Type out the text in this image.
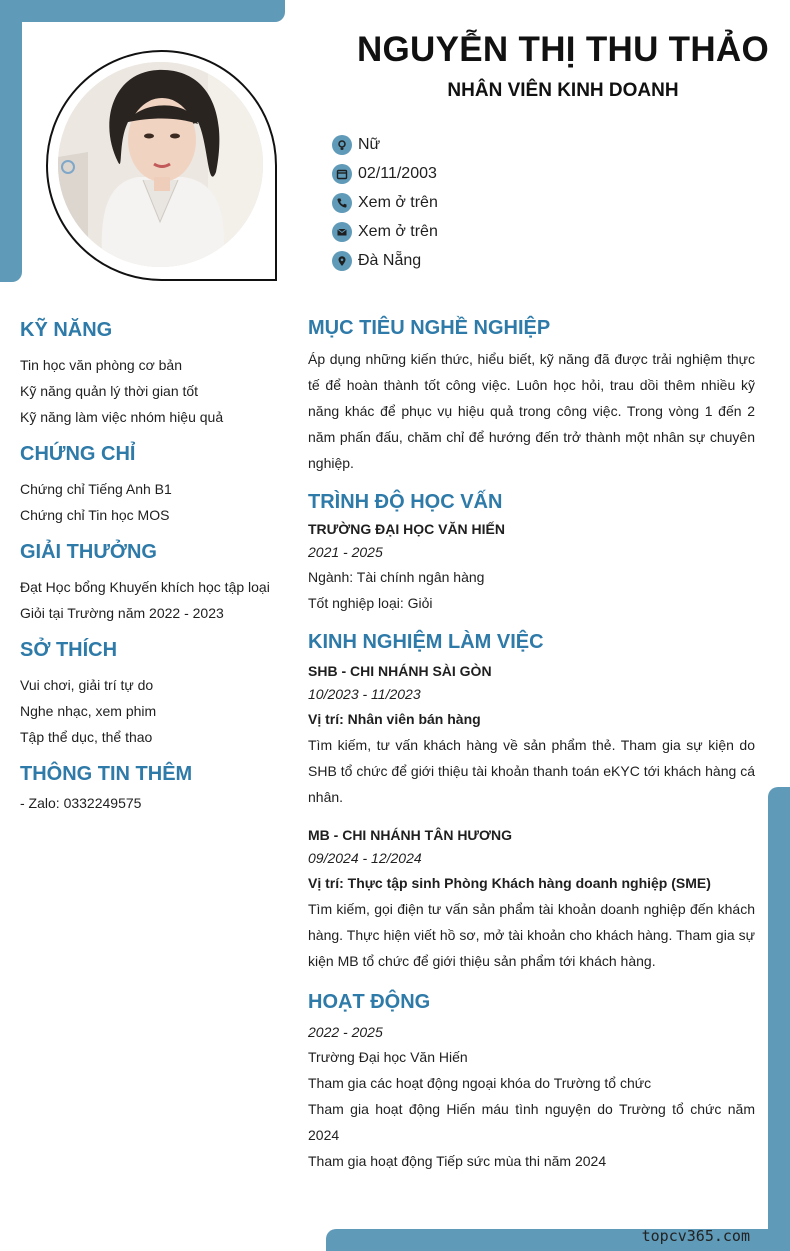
NGUYỄN THỊ THU THẢO
NHÂN VIÊN KINH DOANH
Nữ
02/11/2003
Xem ở trên
Xem ở trên
Đà Nẵng
KỸ NĂNG
Tin học văn phòng cơ bản
Kỹ năng quản lý thời gian tốt
Kỹ năng làm việc nhóm hiệu quả
CHỨNG CHỈ
Chứng chỉ Tiếng Anh B1
Chứng chỉ Tin học MOS
GIẢI THƯỞNG
Đạt Học bổng Khuyến khích học tập loại Giỏi tại Trường năm 2022 - 2023
SỞ THÍCH
Vui chơi, giải trí tự do
Nghe nhạc, xem phim
Tập thể dục, thể thao
THÔNG TIN THÊM
- Zalo: 0332249575
MỤC TIÊU NGHỀ NGHIỆP
Áp dụng những kiến thức, hiểu biết, kỹ năng đã được trải nghiệm thực tế để hoàn thành tốt công việc. Luôn học hỏi, trau dồi thêm nhiều kỹ năng khác để phục vụ hiệu quả trong công việc. Trong vòng 1 đến 2 năm phấn đấu, chăm chỉ để hướng đến trở thành một nhân sự chuyên nghiệp.
TRÌNH ĐỘ HỌC VẤN
TRƯỜNG ĐẠI HỌC VĂN HIẾN
2021 - 2025
Ngành: Tài chính ngân hàng
Tốt nghiệp loại: Giỏi
KINH NGHIỆM LÀM VIỆC
SHB - CHI NHÁNH SÀI GÒN
10/2023 - 11/2023
Vị trí: Nhân viên bán hàng
Tìm kiếm, tư vấn khách hàng về sản phẩm thẻ. Tham gia sự kiện do SHB tổ chức để giới thiệu tài khoản thanh toán eKYC tới khách hàng cá nhân.
MB - CHI NHÁNH TÂN HƯƠNG
09/2024 - 12/2024
Vị trí: Thực tập sinh Phòng Khách hàng doanh nghiệp (SME)
Tìm kiếm, gọi điện tư vấn sản phẩm tài khoản doanh nghiệp đến khách hàng. Thực hiện viết hồ sơ, mở tài khoản cho khách hàng. Tham gia sự kiện MB tổ chức để giới thiệu sản phẩm tới khách hàng.
HOẠT ĐỘNG
2022 - 2025
Trường Đại học Văn Hiến
Tham gia các hoạt động ngoại khóa do Trường tổ chức
Tham gia hoạt động Hiến máu tình nguyện do Trường tổ chức năm 2024
Tham gia hoạt động Tiếp sức mùa thi năm 2024
topcv365.com
